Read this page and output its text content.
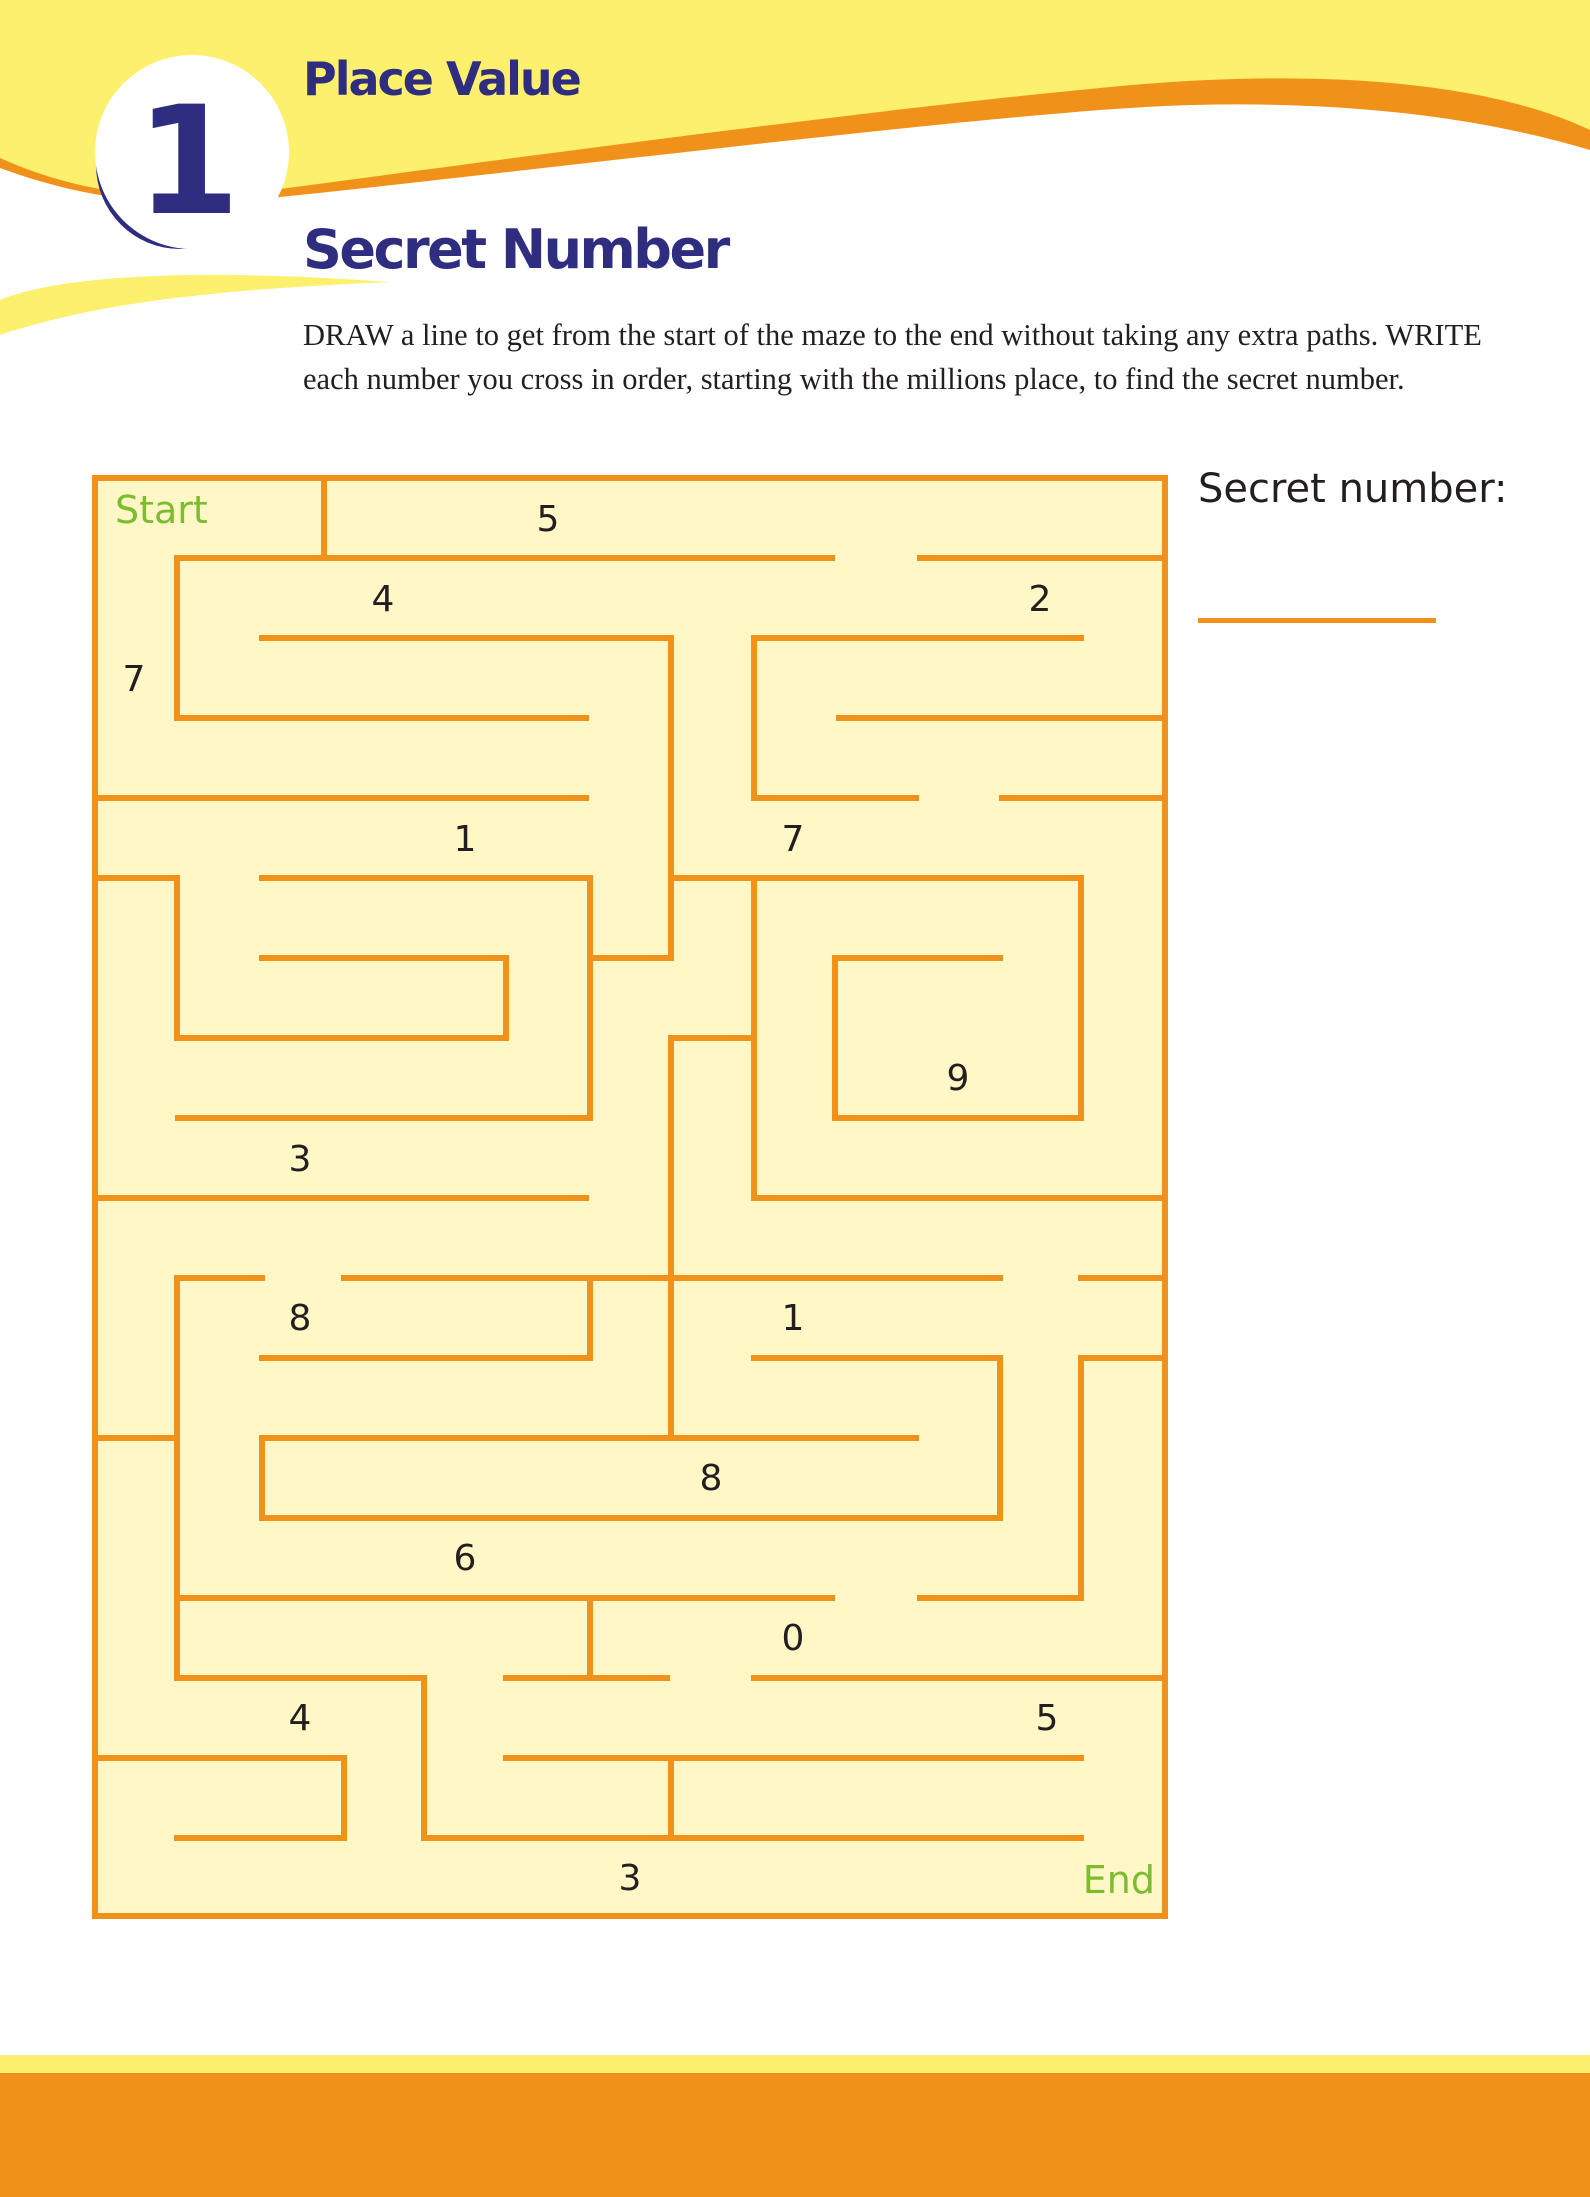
1 Place Value
Secret Number

DRAW a line to get from the start of the maze to the end without taking any extra paths. WRITE each number you cross in order, starting with the millions place, to find the secret number.

Start
End
5
4	2
7
1	7
9
3
8	1
8
6
0
4	5
3
Secret number:
